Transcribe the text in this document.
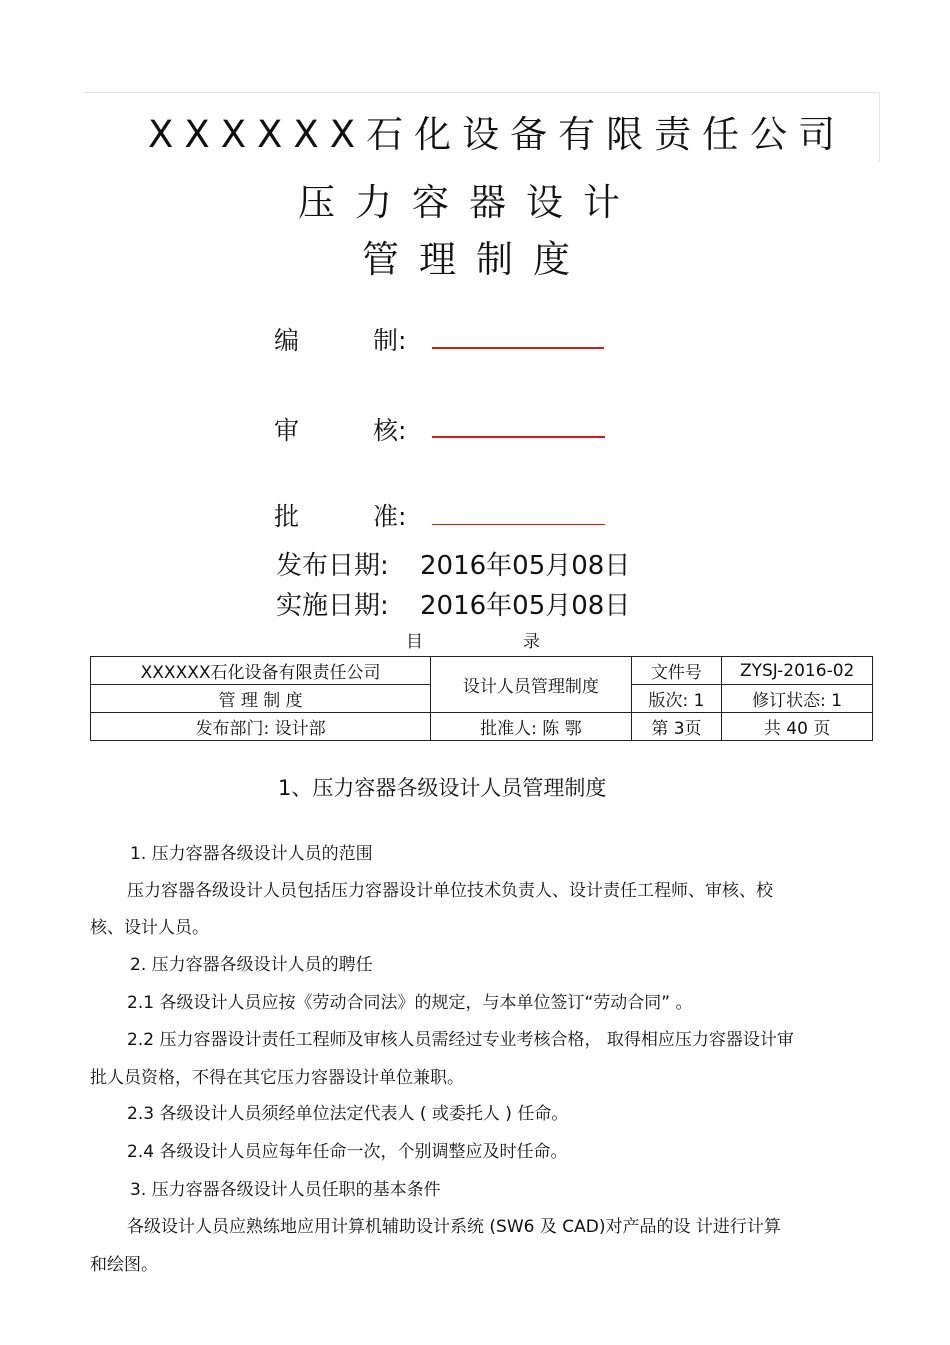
XXXXXX石化设备有限责任公司
压力容器设计
管理制度
编	制:
审	核:
批	准:
发布日期: 2016年05月08日
实施日期: 2016年05月08日
目	录
XXXXXX石化设备有限责任公司	设计人员管理制度	文件号	ZYSJ-2016-02
管 理 制 度		版次: 1	修订状态: 1
发布部门: 设计部	批准人: 陈 鄂	第 3页	共 40 页
1、压力容器各级设计人员管理制度
1. 压力容器各级设计人员的范围
压力容器各级设计人员包括压力容器设计单位技术负责人、设计责任工程师、审核、校
核、设计人员。
2. 压力容器各级设计人员的聘任
2.1 各级设计人员应按《劳动合同法》的规定，与本单位签订“劳动合同” 。
2.2 压力容器设计责任工程师及审核人员需经过专业考核合格， 取得相应压力容器设计审
批人员资格，不得在其它压力容器设计单位兼职。
2.3 各级设计人员须经单位法定代表人 ( 或委托人 ) 任命。
2.4 各级设计人员应每年任命一次，个别调整应及时任命。
3. 压力容器各级设计人员任职的基本条件
各级设计人员应熟练地应用计算机辅助设计系统 (SW6 及 CAD)对产品的设 计进行计算
和绘图。
